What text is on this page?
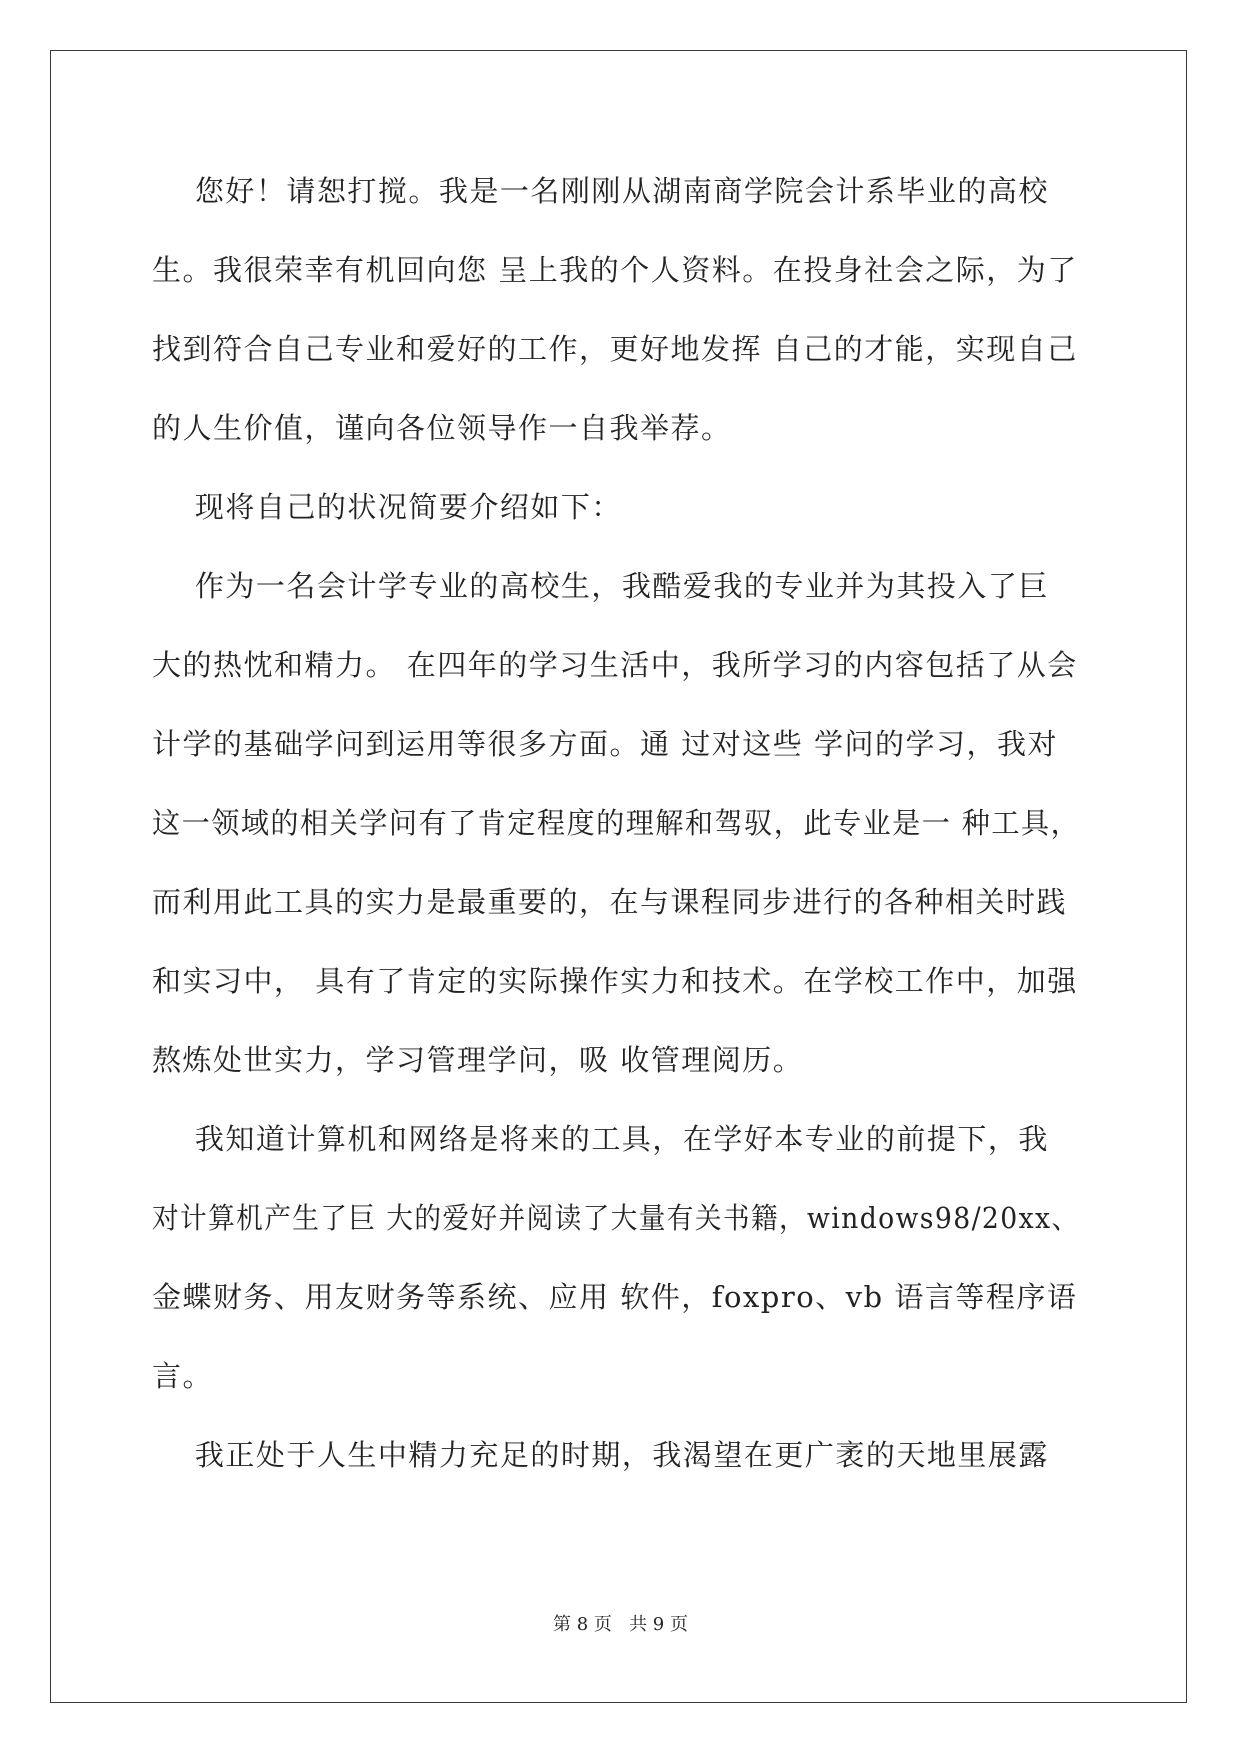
您好！请恕打搅。我是一名刚刚从湖南商学院会计系毕业的高校
生。我很荣幸有机回向您 呈上我的个人资料。在投身社会之际，为了
找到符合自己专业和爱好的工作，更好地发挥 自己的才能，实现自己
的人生价值，谨向各位领导作一自我举荐。
现将自己的状况简要介绍如下：
作为一名会计学专业的高校生，我酷爱我的专业并为其投入了巨
大的热忱和精力。 在四年的学习生活中，我所学习的内容包括了从会
计学的基础学问到运用等很多方面。通 过对这些 学问的学习，我对
这一领域的相关学问有了肯定程度的理解和驾驭，此专业是一 种工具，
而利用此工具的实力是最重要的，在与课程同步进行的各种相关时践
和实习中， 具有了肯定的实际操作实力和技术。在学校工作中，加强
熬炼处世实力，学习管理学问，吸 收管理阅历。
我知道计算机和网络是将来的工具，在学好本专业的前提下，我
对计算机产生了巨 大的爱好并阅读了大量有关书籍，windows98/20xx、
金蝶财务、用友财务等系统、应用 软件，foxpro、vb 语言等程序语
言。
我正处于人生中精力充足的时期，我渴望在更广袤的天地里展露
第 8 页   共 9 页
